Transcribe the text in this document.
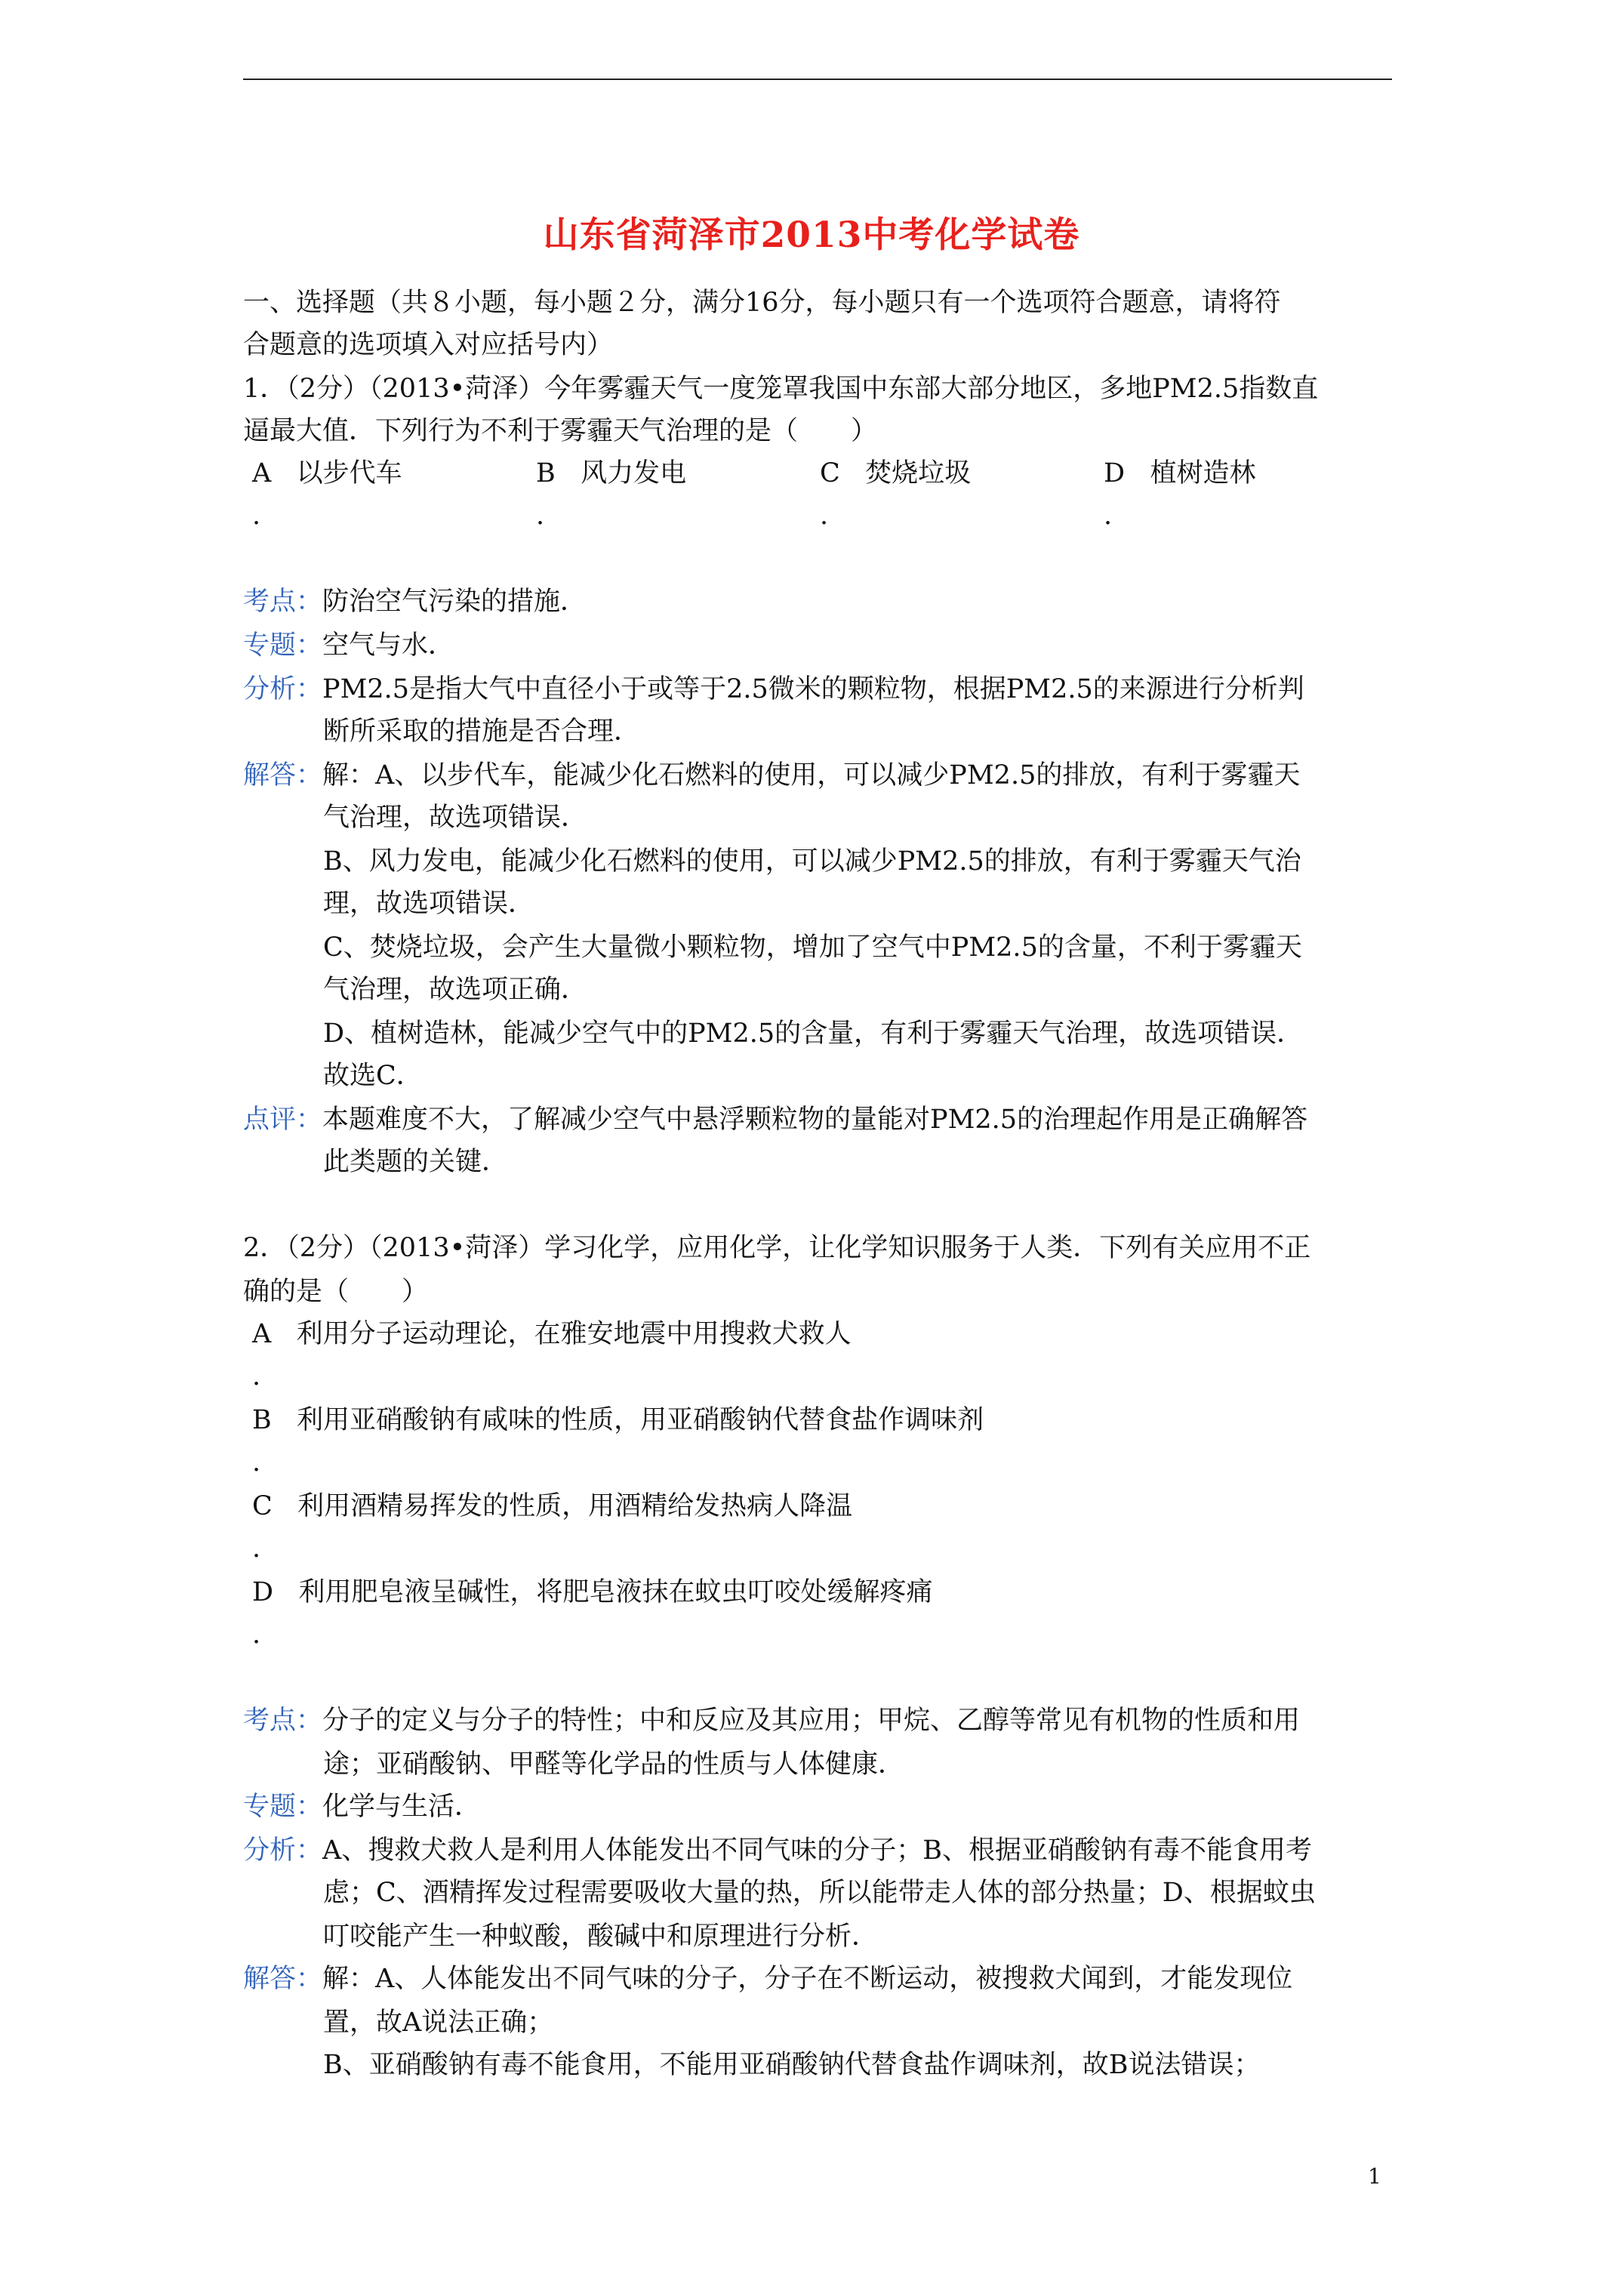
山东省菏泽市2013中考化学试卷
一、选择题（共８小题，每小题２分，满分16分，每小题只有一个选项符合题意，请将符
合题意的选项填入对应括号内）
1．（2分）（2013•菏泽）今年雾霾天气一度笼罩我国中东部大部分地区，多地PM2.5指数直
逼最大值．下列行为不利于雾霾天气治理的是（　　）
A 以步代车	B 风力发电	C 焚烧垃圾	D 植树造林
.	.	.	.
考点：防治空气污染的措施．
专题：空气与水．
分析：PM2.5是指大气中直径小于或等于2.5微米的颗粒物，根据PM2.5的来源进行分析判
断所采取的措施是否合理．
解答：解：A、以步代车，能减少化石燃料的使用，可以减少PM2.5的排放，有利于雾霾天
气治理，故选项错误．
B、风力发电，能减少化石燃料的使用，可以减少PM2.5的排放，有利于雾霾天气治
理，故选项错误．
C、焚烧垃圾，会产生大量微小颗粒物，增加了空气中PM2.5的含量，不利于雾霾天
气治理，故选项正确．
D、植树造林，能减少空气中的PM2.5的含量，有利于雾霾天气治理，故选项错误．
故选C．
点评：本题难度不大，了解减少空气中悬浮颗粒物的量能对PM2.5的治理起作用是正确解答
此类题的关键．
2．（2分）（2013•菏泽）学习化学，应用化学，让化学知识服务于人类．下列有关应用不正
确的是（　　）
A 利用分子运动理论，在雅安地震中用搜救犬救人
.
B 利用亚硝酸钠有咸味的性质，用亚硝酸钠代替食盐作调味剂
.
C 利用酒精易挥发的性质，用酒精给发热病人降温
.
D 利用肥皂液呈碱性，将肥皂液抹在蚊虫叮咬处缓解疼痛
.
考点：分子的定义与分子的特性；中和反应及其应用；甲烷、乙醇等常见有机物的性质和用
途；亚硝酸钠、甲醛等化学品的性质与人体健康．
专题：化学与生活．
分析：A、搜救犬救人是利用人体能发出不同气味的分子；B、根据亚硝酸钠有毒不能食用考
虑；C、酒精挥发过程需要吸收大量的热，所以能带走人体的部分热量；D、根据蚊虫
叮咬能产生一种蚁酸，酸碱中和原理进行分析．
解答：解：A、人体能发出不同气味的分子，分子在不断运动，被搜救犬闻到，才能发现位
置，故A说法正确；
B、亚硝酸钠有毒不能食用，不能用亚硝酸钠代替食盐作调味剂，故B说法错误；
1
